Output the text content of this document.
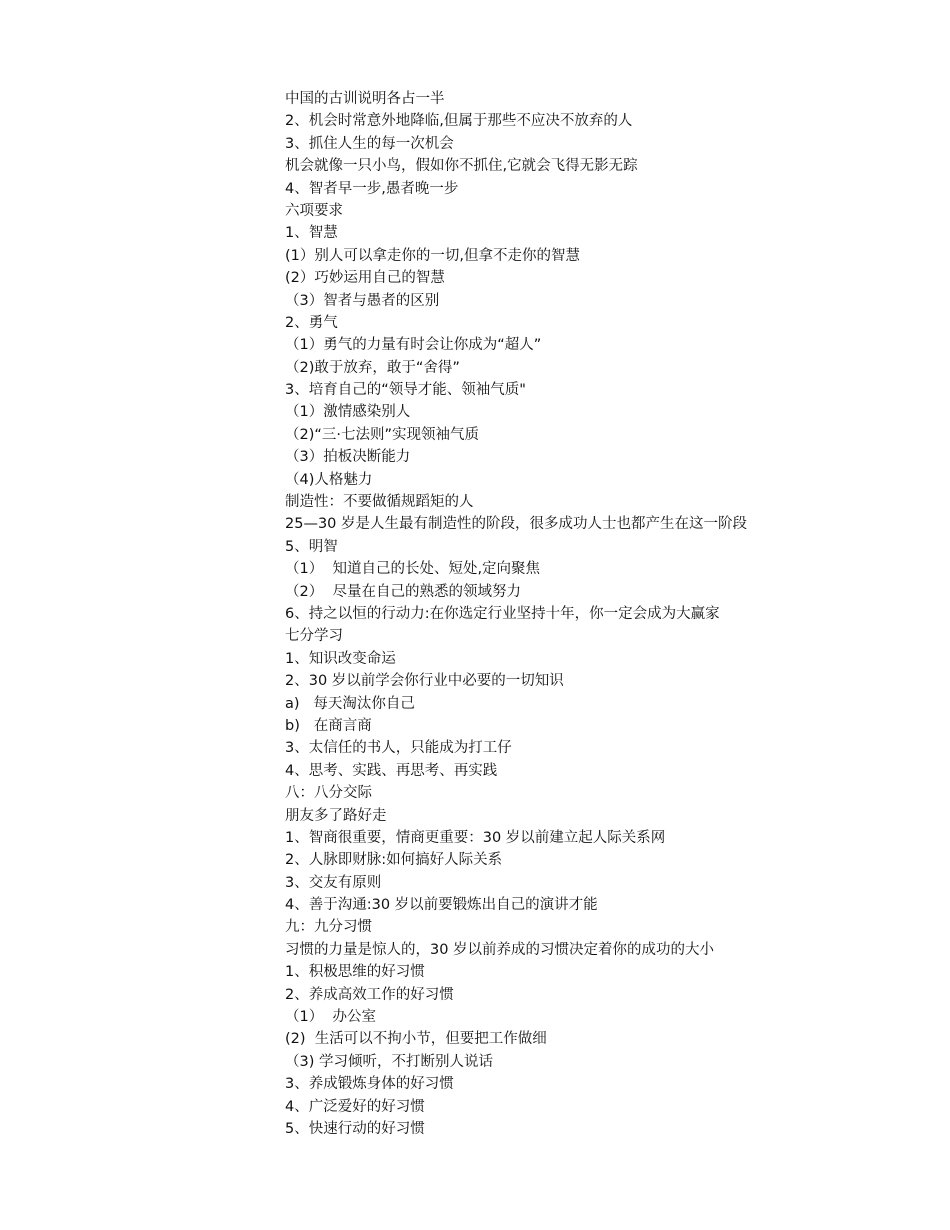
中国的古训说明各占一半
2、机会时常意外地降临,但属于那些不应决不放弃的人
3、抓住人生的每一次机会
机会就像一只小鸟，假如你不抓住,它就会飞得无影无踪
4、智者早一步,愚者晚一步
六项要求
1、智慧
(1）别人可以拿走你的一切,但拿不走你的智慧
(2）巧妙运用自己的智慧
（3）智者与愚者的区别
2、勇气
（1）勇气的力量有时会让你成为“超人”
（2)敢于放弃，敢于“舍得”
3、培育自己的“领导才能、领袖气质"
（1）激情感染别人
（2)“三·七法则”实现领袖气质
（3）拍板决断能力
（4)人格魅力
制造性：不要做循规蹈矩的人
25—30 岁是人生最有制造性的阶段，很多成功人士也都产生在这一阶段
5、明智
（1）  知道自己的长处、短处,定向聚焦
（2）  尽量在自己的熟悉的领域努力
6、持之以恒的行动力:在你选定行业坚持十年，你一定会成为大赢家
七分学习
1、知识改变命运
2、30 岁以前学会你行业中必要的一切知识
a)   每天淘汰你自己
b)   在商言商
3、太信任的书人，只能成为打工仔
4、思考、实践、再思考、再实践
八：八分交际
朋友多了路好走
1、智商很重要，情商更重要：30 岁以前建立起人际关系网
2、人脉即财脉:如何搞好人际关系
3、交友有原则
4、善于沟通:30 岁以前要锻炼出自己的演讲才能
九：九分习惯
习惯的力量是惊人的，30 岁以前养成的习惯决定着你的成功的大小
1、积极思维的好习惯
2、养成高效工作的好习惯
（1）  办公室
(2)  生活可以不拘小节，但要把工作做细
（3) 学习倾听，不打断别人说话
3、养成锻炼身体的好习惯
4、广泛爱好的好习惯
5、快速行动的好习惯
